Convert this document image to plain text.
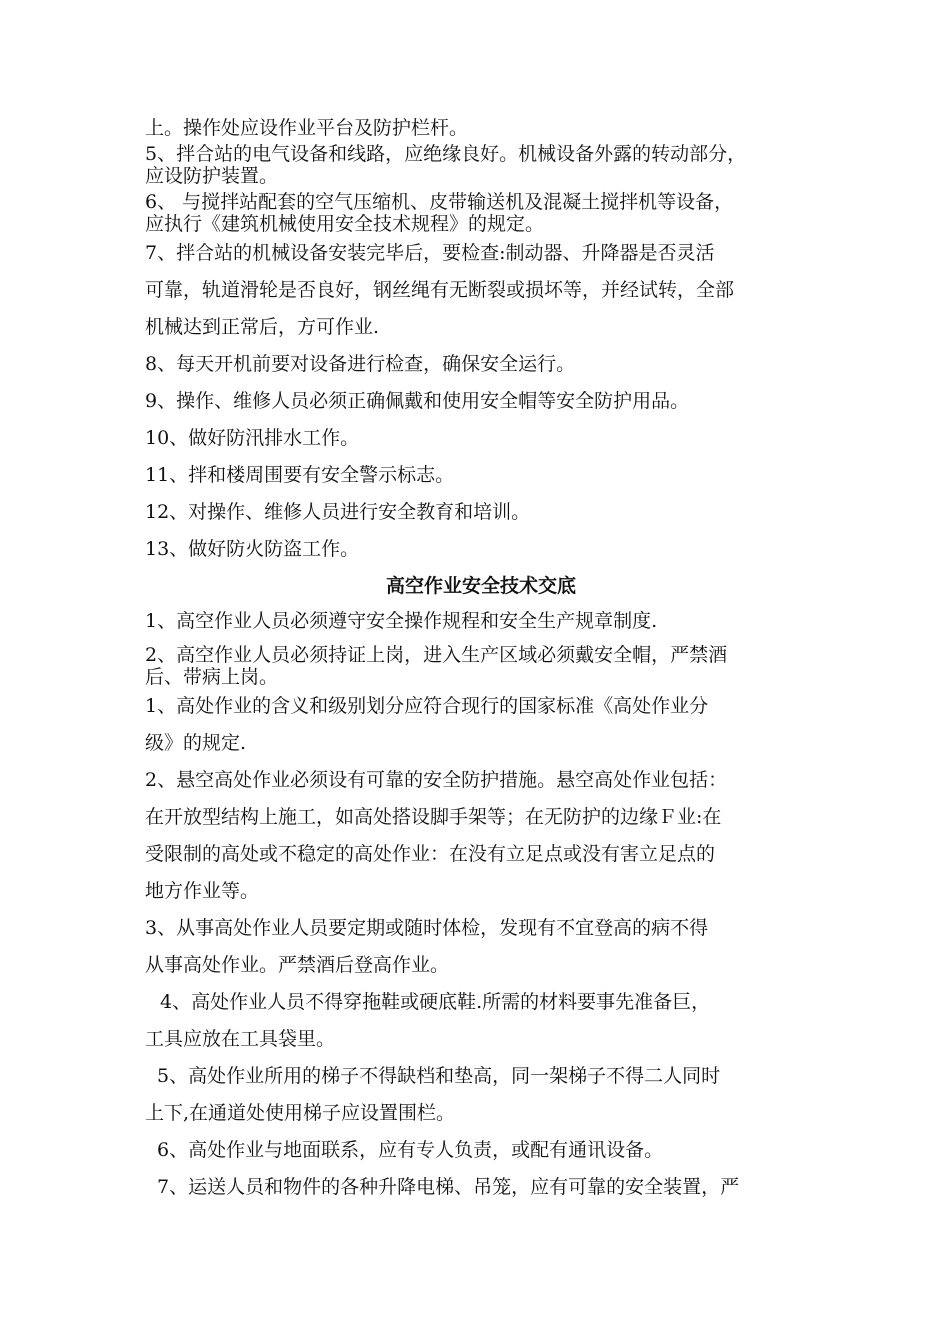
上。操作处应设作业平台及防护栏杆。
5、拌合站的电气设备和线路，应绝缘良好。机械设备外露的转动部分，
应设防护装置。
6、 与搅拌站配套的空气压缩机、皮带输送机及混凝土搅拌机等设备，
应执行《建筑机械使用安全技术规程》的规定。
7、拌合站的机械设备安装完毕后，要检查:制动器、升降器是否灵活
可靠，轨道滑轮是否良好，钢丝绳有无断裂或损坏等，并经试转，全部
机械达到正常后，方可作业.
8、每天开机前要对设备进行检查，确保安全运行。
9、操作、维修人员必须正确佩戴和使用安全帽等安全防护用品。
10、做好防汛排水工作。
11、拌和楼周围要有安全警示标志。
12、对操作、维修人员进行安全教育和培训。
13、做好防火防盗工作。
高空作业安全技术交底
1、高空作业人员必须遵守安全操作规程和安全生产规章制度.
2、高空作业人员必须持证上岗，进入生产区域必须戴安全帽，严禁酒
后、带病上岗。
1、高处作业的含义和级别划分应符合现行的国家标准《高处作业分
级》的规定.
2、悬空高处作业必须设有可靠的安全防护措施。悬空高处作业包括：
在开放型结构上施工，如高处搭设脚手架等；在无防护的边缘Ｆ业:在
受限制的高处或不稳定的高处作业：在没有立足点或没有害立足点的
地方作业等。
3、从事高处作业人员要定期或随时体检，发现有不宜登高的病不得
从事高处作业。严禁酒后登高作业。
4、高处作业人员不得穿拖鞋或硬底鞋.所需的材料要事先准备巨，
工具应放在工具袋里。
5、高处作业所用的梯子不得缺档和垫高，同一架梯子不得二人同时
上下,在通道处使用梯子应设置围栏。
6、高处作业与地面联系，应有专人负责，或配有通讯设备。
7、运送人员和物件的各种升降电梯、吊笼，应有可靠的安全装置，严
